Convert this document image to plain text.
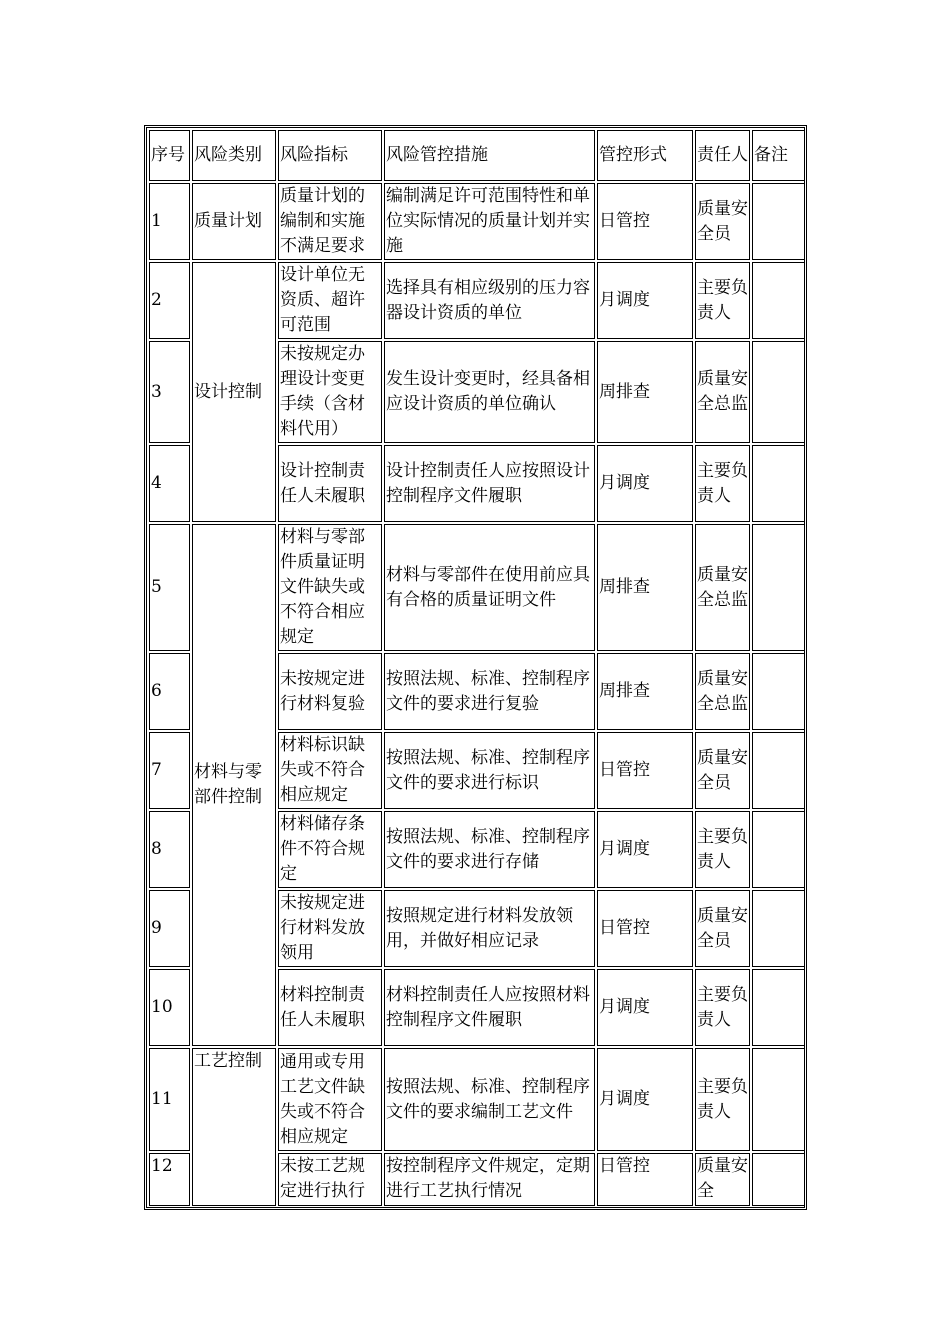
序号	风险类别	风险指标	风险管控措施	管控形式	责任人	备注
1	质量计划	质量计划的编制和实施不满足要求	编制满足许可范围特性和单位实际情况的质量计划并实施	日管控	质量安全员	
2	设计控制	设计单位无资质、超许可范围	选择具有相应级别的压力容器设计资质的单位	月调度	主要负责人	
3		未按规定办理设计变更手续（含材料代用）	发生设计变更时，经具备相应设计资质的单位确认	周排查	质量安全总监	
4		设计控制责任人未履职	设计控制责任人应按照设计控制程序文件履职	月调度	主要负责人	
5	材料与零部件控制	材料与零部件质量证明文件缺失或不符合相应规定	材料与零部件在使用前应具有合格的质量证明文件	周排查	质量安全总监	
6		未按规定进行材料复验	按照法规、标准、控制程序文件的要求进行复验	周排查	质量安全总监	
7		材料标识缺失或不符合相应规定	按照法规、标准、控制程序文件的要求进行标识	日管控	质量安全员	
8		材料储存条件不符合规定	按照法规、标准、控制程序文件的要求进行存储	月调度	主要负责人	
9		未按规定进行材料发放领用	按照规定进行材料发放领用，并做好相应记录	日管控	质量安全员	
10		材料控制责任人未履职	材料控制责任人应按照材料控制程序文件履职	月调度	主要负责人	
11	工艺控制	通用或专用工艺文件缺失或不符合相应规定	按照法规、标准、控制程序文件的要求编制工艺文件	月调度	主要负责人	
12		未按工艺规定进行执行	按控制程序文件规定，定期进行工艺执行情况	日管控	质量安全	
